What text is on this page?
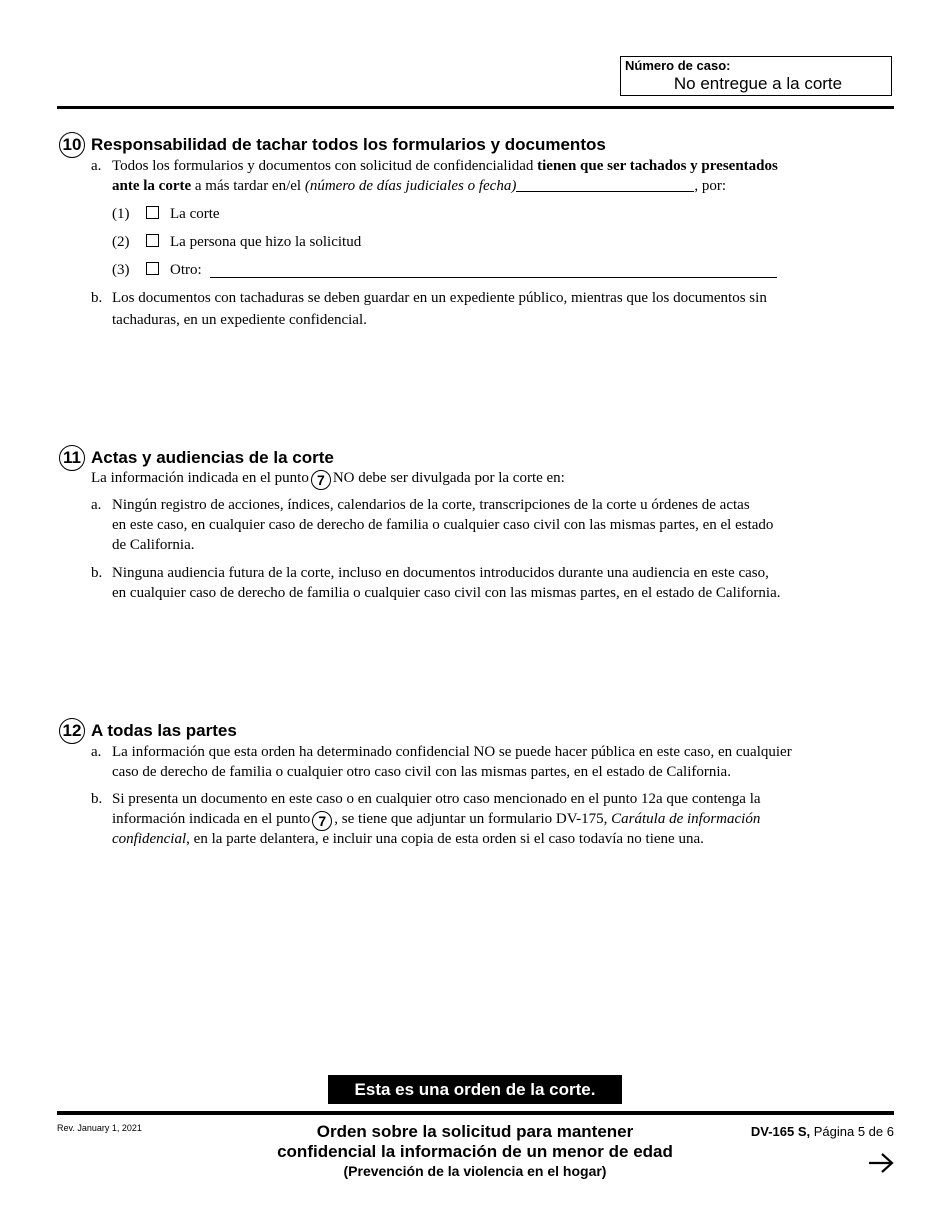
Número de caso:
No entregue a la corte
10 Responsabilidad de tachar todos los formularios y documentos
a. Todos los formularios y documentos con solicitud de confidencialidad tienen que ser tachados y presentados
ante la corte a más tardar en/el (número de días judiciales o fecha)	, por:
(1)	La corte
(2)	La persona que hizo la solicitud
(3)	Otro:
b. Los documentos con tachaduras se deben guardar en un expediente público, mientras que los documentos sin
tachaduras, en un expediente confidencial.
11 Actas y audiencias de la corte
La información indicada en el punto 7 NO debe ser divulgada por la corte en:
a. Ningún registro de acciones, índices, calendarios de la corte, transcripciones de la corte u órdenes de actas
en este caso, en cualquier caso de derecho de familia o cualquier caso civil con las mismas partes, en el estado
de California.
b. Ninguna audiencia futura de la corte, incluso en documentos introducidos durante una audiencia en este caso,
en cualquier caso de derecho de familia o cualquier caso civil con las mismas partes, en el estado de California.
12 A todas las partes
a. La información que esta orden ha determinado confidencial NO se puede hacer pública en este caso, en cualquier
caso de derecho de familia o cualquier otro caso civil con las mismas partes, en el estado de California.
b. Si presenta un documento en este caso o en cualquier otro caso mencionado en el punto 12a que contenga la
información indicada en el punto 7 , se tiene que adjuntar un formulario DV-175, Carátula de información
confidencial, en la parte delantera, e incluir una copia de esta orden si el caso todavía no tiene una.
Esta es una orden de la corte.
Rev. January 1, 2021	Orden sobre la solicitud para mantener
confidencial la información de un menor de edad
(Prevención de la violencia en el hogar)
DV-165 S, Página 5 de 6
